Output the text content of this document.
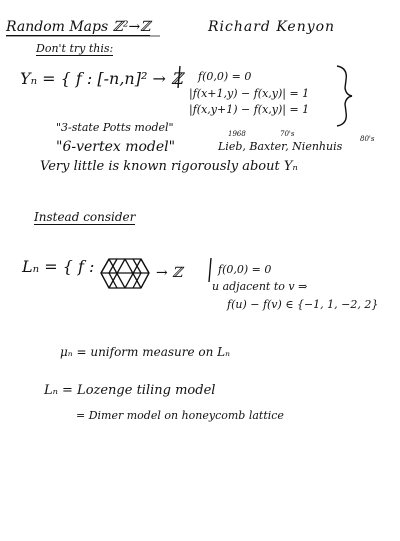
Random Maps ℤ²→ℤ	Richard Kenyon
Don't try this:
Yₙ = { f : [-n,n]² → ℤ f(0,0) = 0
|f(x+1,y) − f(x,y)| = 1
|f(x,y+1) − f(x,y)| = 1
"3-state Potts model"
"6-vertex model"
1968	70's
80's
Lieb, Baxter, Nienhuis
Very little is known rigorously about Yₙ
Instead consider
Lₙ = { f :	→ ℤ	f(0,0) = 0
u adjacent to v ⇒
f(u) − f(v) ∈ {−1, 1, −2, 2}
μₙ = uniform measure on Lₙ
Lₙ = Lozenge tiling model
= Dimer model on honeycomb lattice
